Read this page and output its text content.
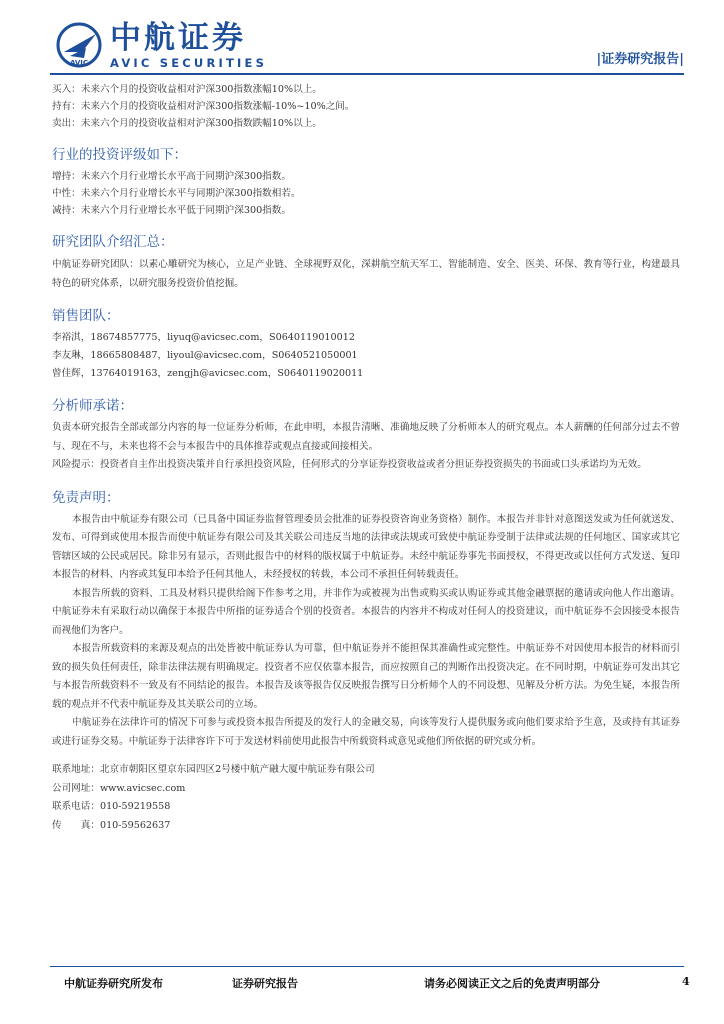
AVIC
中航证券
AVIC SECURITIES	|证券研究报告|
买入：未来六个月的投资收益相对沪深300指数涨幅10%以上。
持有：未来六个月的投资收益相对沪深300指数涨幅-10%~10%之间。
卖出：未来六个月的投资收益相对沪深300指数跌幅10%以上。
行业的投资评级如下：
增持：未来六个月行业增长水平高于同期沪深300指数。
中性：未来六个月行业增长水平与同期沪深300指数相若。
减持：未来六个月行业增长水平低于同期沪深300指数。
研究团队介绍汇总：
中航证券研究团队：以素心雕研究为核心，立足产业链、全球视野双化，深耕航空航天军工、智能制造、安全、医美、环保、教育等行业，构建最具特色的研究体系，以研究服务投资价值挖掘。
销售团队：
李裕淇，18674857775，liyuq@avicsec.com，S0640119010012
李友琳，18665808487，liyoul@avicsec.com，S0640521050001
曾佳辉，13764019163，zengjh@avicsec.com，S0640119020011
分析师承诺：
负责本研究报告全部或部分内容的每一位证券分析师，在此申明，本报告清晰、准确地反映了分析师本人的研究观点。本人薪酬的任何部分过去不曾与、现在不与，未来也将不会与本报告中的具体推荐或观点直接或间接相关。
风险提示：投资者自主作出投资决策并自行承担投资风险，任何形式的分享证券投资收益或者分担证券投资损失的书面或口头承诺均为无效。
免责声明：
本报告由中航证券有限公司（已具备中国证券监督管理委员会批准的证券投资咨询业务资格）制作。本报告并非针对意图送发或为任何就送发、发布、可得到或使用本报告而使中航证券有限公司及其关联公司违反当地的法律或法规或可致使中航证券受制于法律或法规的任何地区、国家或其它管辖区域的公民或居民。除非另有显示，否则此报告中的材料的版权属于中航证券。未经中航证券事先书面授权，不得更改或以任何方式发送、复印本报告的材料、内容或其复印本给予任何其他人，未经授权的转载，本公司不承担任何转载责任。
本报告所载的资料、工具及材料只提供给阁下作参考之用，并非作为或被视为出售或购买或认购证券或其他金融票据的邀请或向他人作出邀请。中航证券未有采取行动以确保于本报告中所指的证券适合个别的投资者。本报告的内容并不构成对任何人的投资建议，而中航证券不会因接受本报告而视他们为客户。
本报告所载资料的来源及观点的出处皆被中航证券认为可靠，但中航证券并不能担保其准确性或完整性。中航证券不对因使用本报告的材料而引致的损失负任何责任，除非法律法规有明确规定。投资者不应仅依靠本报告，而应按照自己的判断作出投资决定。在不同时期，中航证券可发出其它与本报告所载资料不一致及有不同结论的报告。本报告及该等报告仅反映报告撰写日分析师个人的不同设想、见解及分析方法。为免生疑，本报告所载的观点并不代表中航证券及其关联公司的立场。
中航证券在法律许可的情况下可参与或投资本报告所提及的发行人的金融交易，向该等发行人提供服务或向他们要求给予生意，及或持有其证券或进行证券交易。中航证券于法律容许下可于发送材料前使用此报告中所载资料或意见或他们所依据的研究或分析。
联系地址：北京市朝阳区望京东园四区2号楼中航产融大厦中航证券有限公司
公司网址：www.avicsec.com
联系电话：010-59219558
传　　真：010-59562637
中航证券研究所发布	证券研究报告	请务必阅读正文之后的免责声明部分	4
